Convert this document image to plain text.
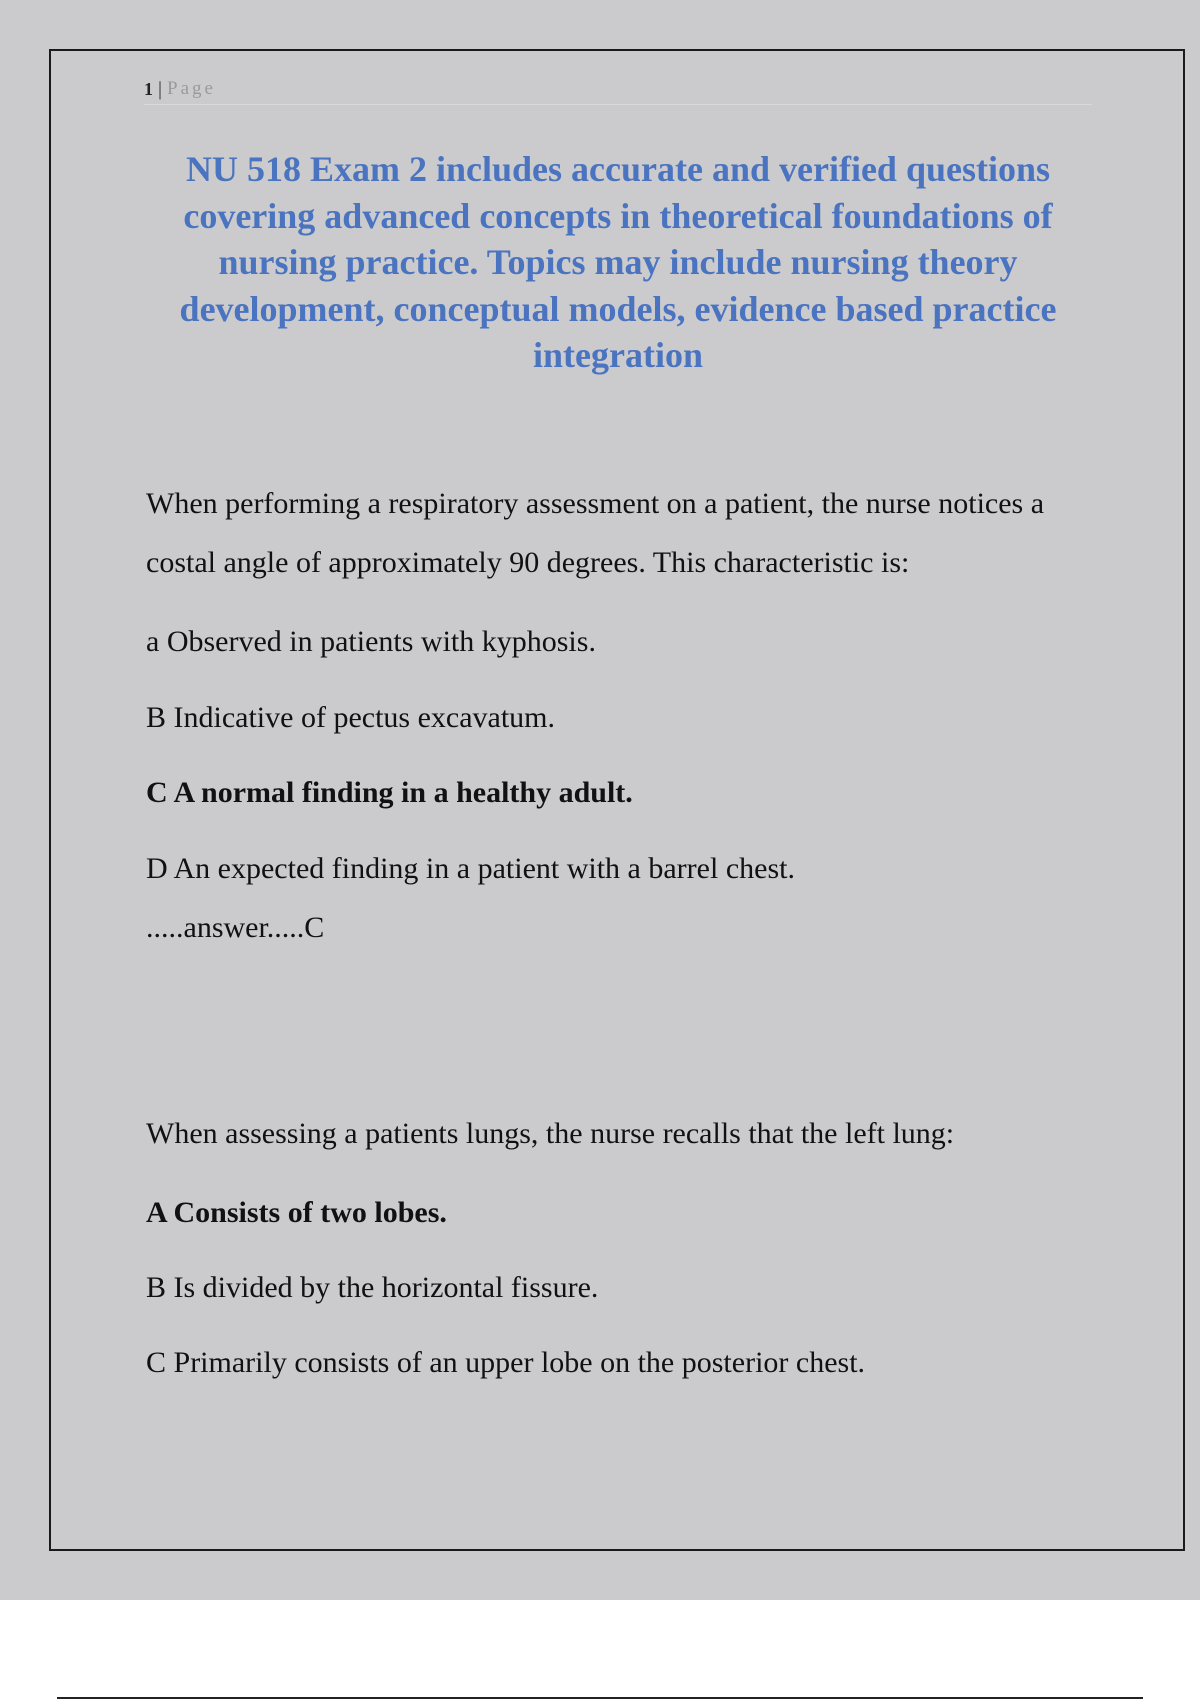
1 | Page
NU 518 Exam 2 includes accurate and verified questions covering advanced concepts in theoretical foundations of nursing practice. Topics may include nursing theory development, conceptual models, evidence based practice integration

When performing a respiratory assessment on a patient, the nurse notices a costal angle of approximately 90 degrees. This characteristic is:

a Observed in patients with kyphosis.

B Indicative of pectus excavatum.

C A normal finding in a healthy adult.

D An expected finding in a patient with a barrel chest.

.....answer.....C

When assessing a patients lungs, the nurse recalls that the left lung:

A Consists of two lobes.

B Is divided by the horizontal fissure.

C Primarily consists of an upper lobe on the posterior chest.
